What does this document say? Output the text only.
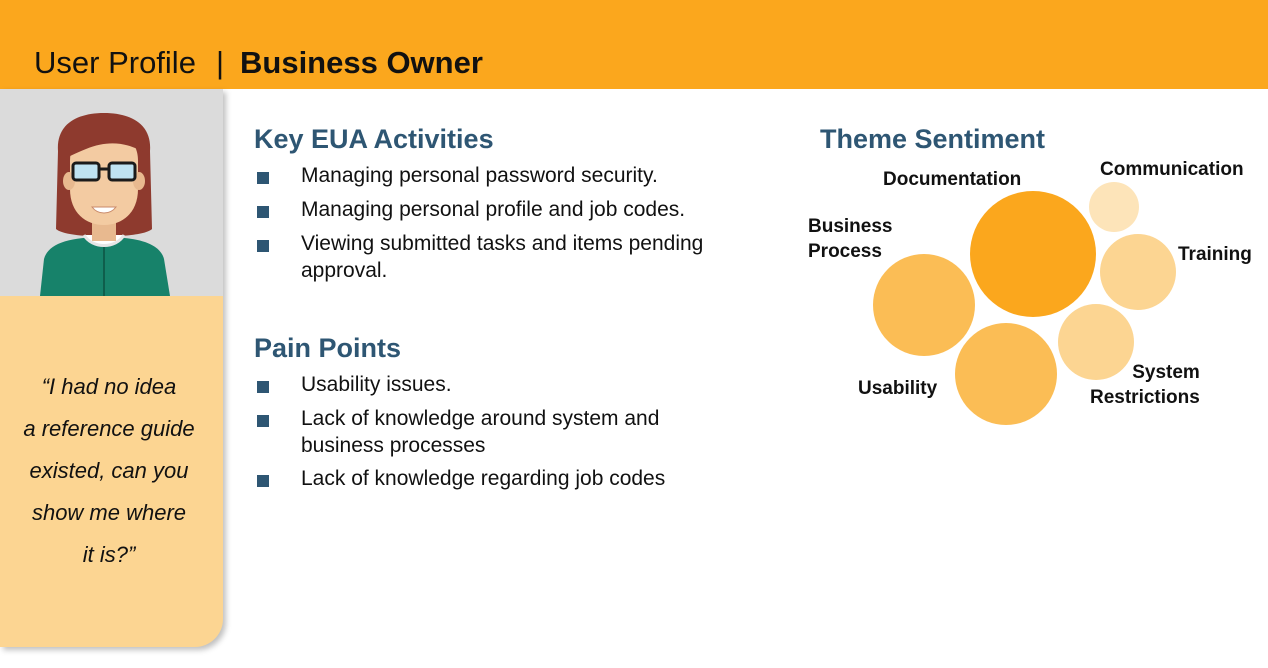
User Profile | Business Owner
“I had no idea
a reference guide
existed, can you
show me where
it is?”
Key EUA Activities
Managing personal password security.
Managing personal profile and job codes.
Viewing submitted tasks and items pending
approval.
Pain Points
Usability issues.
Lack of knowledge around system and
business processes
Lack of knowledge regarding job codes
Theme Sentiment
Documentation	Communication
Training
Business
Process
Usability
System
Restrictions
